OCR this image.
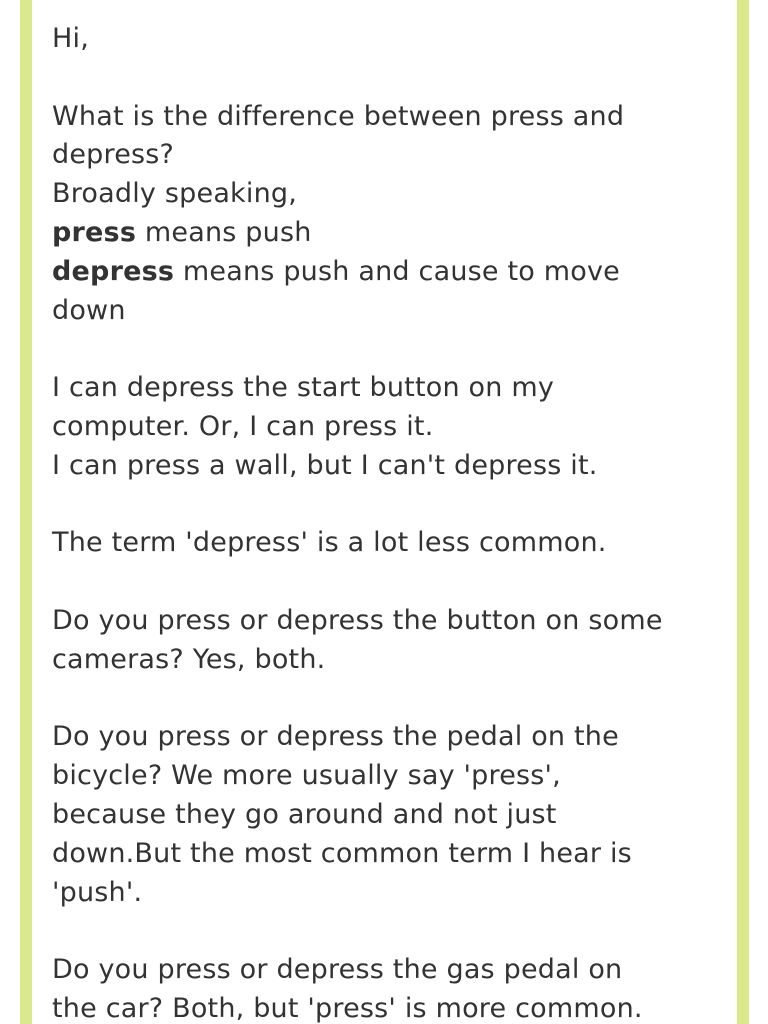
Hi,
What is the difference between press and
depress?
Broadly speaking,
press means push
depress means push and cause to move
down
I can depress the start button on my
computer. Or, I can press it.
I can press a wall, but I can't depress it.
The term 'depress' is a lot less common.
Do you press or depress the button on some
cameras? Yes, both.
Do you press or depress the pedal on the
bicycle? We more usually say 'press',
because they go around and not just
down.But the most common term I hear is
'push'.
Do you press or depress the gas pedal on
the car? Both, but 'press' is more common.
